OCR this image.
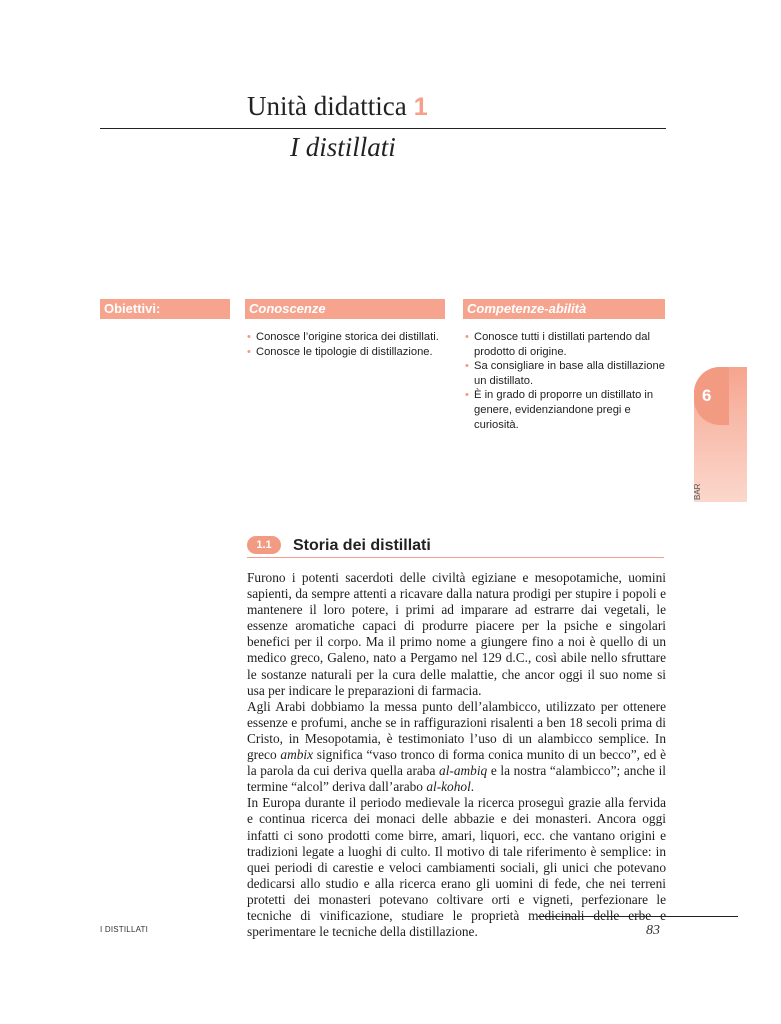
Unità didattica 1
I distillati
Obiettivi:	Conoscenze	Competenze-abilità
• Conosce l’origine storica dei distillati.
• Conosce le tipologie di distillazione.
• Conosce tutti i distillati partendo dal prodotto di origine.
• Sa consigliare in base alla distillazione un distillato.
• È in grado di proporre un distillato in genere, evidenziandone pregi e curiosità.
6
BAR
1.1	Storia dei distillati

Furono i potenti sacerdoti delle civiltà egiziane e mesopotamiche, uomini sapienti, da sempre attenti a ricavare dalla natura prodigi per stupire i popoli e mantenere il loro potere, i primi ad imparare ad estrarre dai vegetali, le essenze aromatiche capaci di produrre piacere per la psiche e singolari benefici per il corpo. Ma il primo nome a giungere fino a noi è quello di un medico greco, Galeno, nato a Pergamo nel 129 d.C., così abile nello sfruttare le sostanze naturali per la cura delle malattie, che ancor oggi il suo nome si usa per indicare le preparazioni di farmacia.

Agli Arabi dobbiamo la messa punto dell’alambicco, utilizzato per ottenere essenze e profumi, anche se in raffigurazioni risalenti a ben 18 secoli prima di Cristo, in Mesopotamia, è testimoniato l’uso di un alambicco semplice. In greco ambix significa “vaso tronco di forma conica munito di un becco”, ed è la parola da cui deriva quella araba al-ambiq e la nostra “alambicco”; anche il termine “alcol” deriva dall’arabo al-kohol.

In Europa durante il periodo medievale la ricerca proseguì grazie alla fervida e continua ricerca dei monaci delle abbazie e dei monasteri. Ancora oggi infatti ci sono prodotti come birre, amari, liquori, ecc. che vantano origini e tradizioni legate a luoghi di culto. Il motivo di tale riferimento è semplice: in quei periodi di carestie e veloci cambiamenti sociali, gli unici che potevano dedicarsi allo studio e alla ricerca erano gli uomini di fede, che nei terreni protetti dei monasteri potevano coltivare orti e vigneti, perfezionare le tecniche di vinificazione, studiare le proprietà medicinali delle erbe e sperimentare le tecniche della distillazione.

I DISTILLATI	83
